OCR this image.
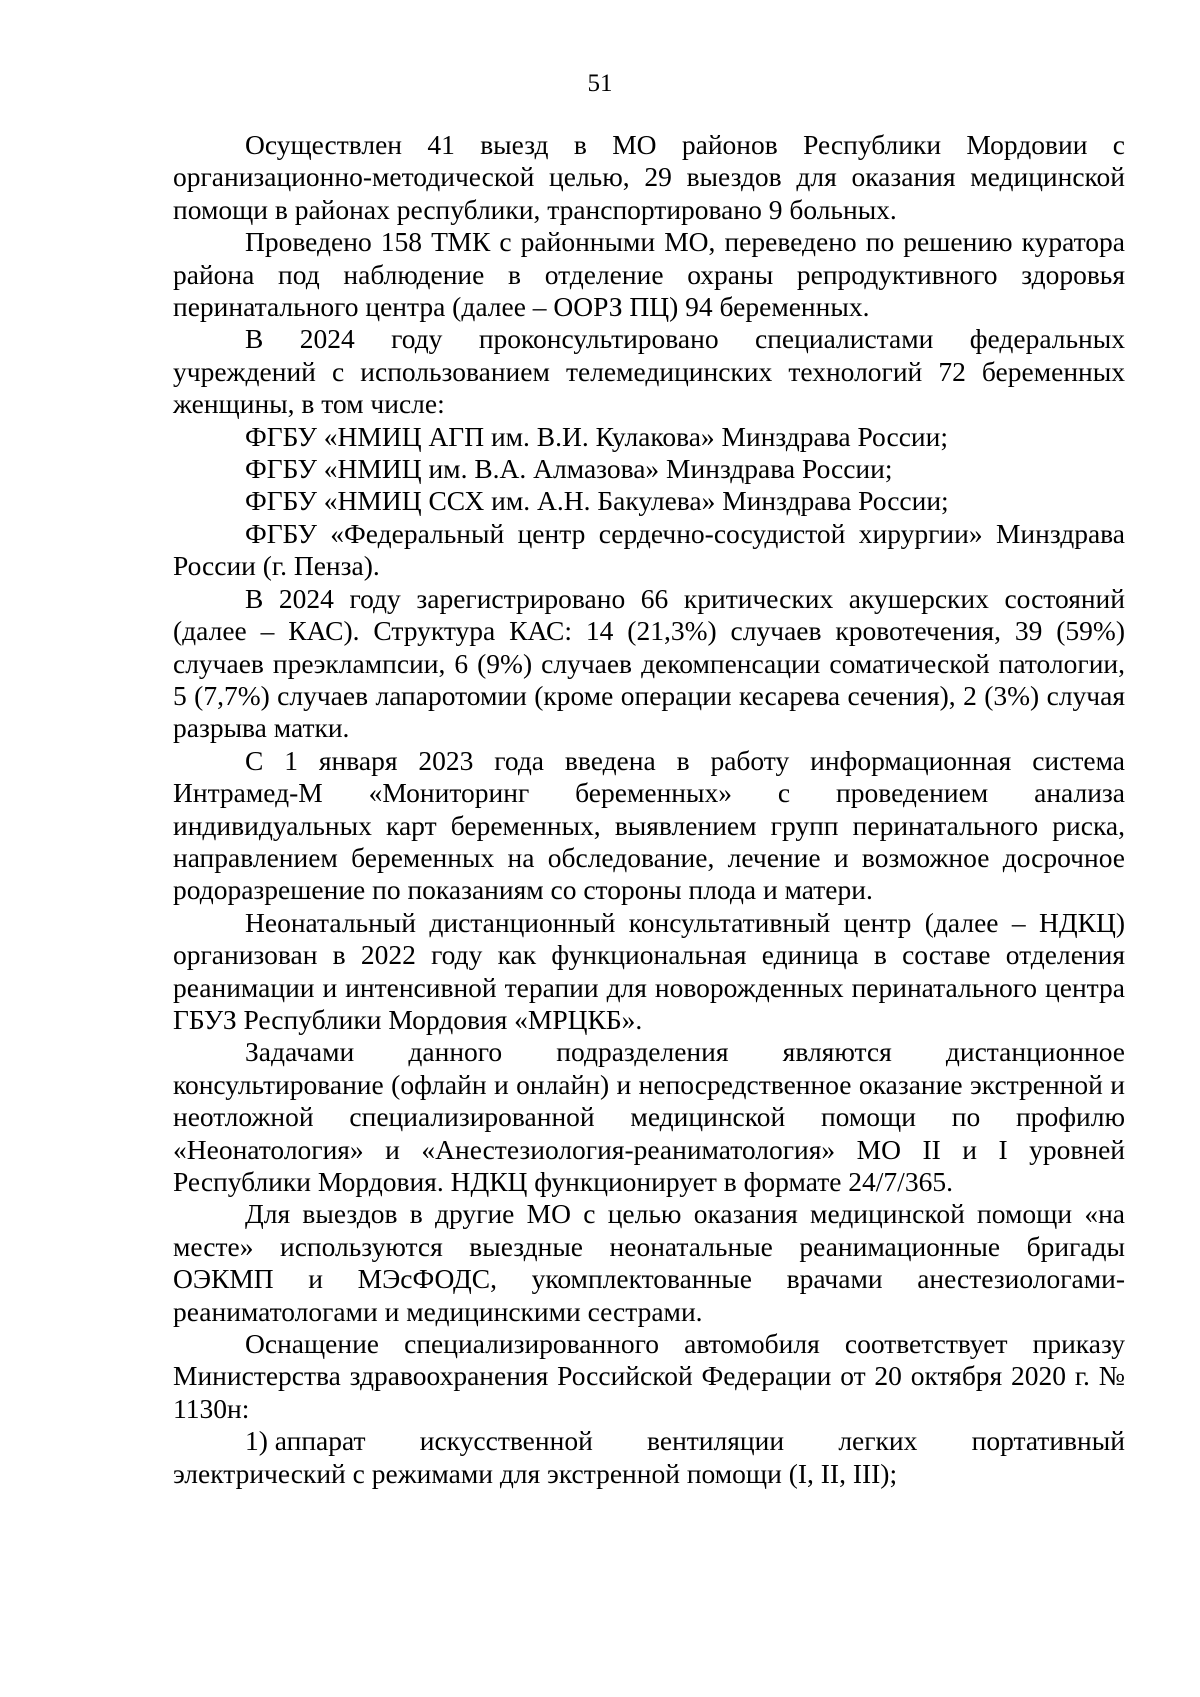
51

Осуществлен 41 выезд в МО районов Республики Мордовии с организационно-методической целью, 29 выездов для оказания медицинской помощи в районах республики, транспортировано 9 больных.

Проведено 158 ТМК с районными МО, переведено по решению куратора района под наблюдение в отделение охраны репродуктивного здоровья перинатального центра (далее – ООРЗ ПЦ) 94 беременных.

В 2024 году проконсультировано специалистами федеральных учреждений с использованием телемедицинских технологий 72 беременных женщины, в том числе:

ФГБУ «НМИЦ АГП им. В.И. Кулакова» Минздрава России;

ФГБУ «НМИЦ им. В.А. Алмазова» Минздрава России;

ФГБУ «НМИЦ ССХ им. А.Н. Бакулева» Минздрава России;

ФГБУ «Федеральный центр сердечно-сосудистой хирургии» Минздрава России (г. Пенза).

В 2024 году зарегистрировано 66 критических акушерских состояний (далее – КАС). Структура КАС: 14 (21,3%) случаев кровотечения, 39 (59%) случаев преэклампсии, 6 (9%) случаев декомпенсации соматической патологии, 5 (7,7%) случаев лапаротомии (кроме операции кесарева сечения), 2 (3%) случая разрыва матки.

С 1 января 2023 года введена в работу информационная система Интрамед-М «Мониторинг беременных» с проведением анализа индивидуальных карт беременных, выявлением групп перинатального риска, направлением беременных на обследование, лечение и возможное досрочное родоразрешение по показаниям со стороны плода и матери.

Неонатальный дистанционный консультативный центр (далее – НДКЦ) организован в 2022 году как функциональная единица в составе отделения реанимации и интенсивной терапии для новорожденных перинатального центра ГБУЗ Республики Мордовия «МРЦКБ».

Задачами данного подразделения являются дистанционное консультирование (офлайн и онлайн) и непосредственное оказание экстренной и неотложной специализированной медицинской помощи по профилю «Неонатология» и «Анестезиология-реаниматология» МО II и I уровней Республики Мордовия. НДКЦ функционирует в формате 24/7/365.

Для выездов в другие МО с целью оказания медицинской помощи «на месте» используются выездные неонатальные реанимационные бригады ОЭКМП и МЭсФОДС, укомплектованные врачами анестезиологами-реаниматологами и медицинскими сестрами.

Оснащение специализированного автомобиля соответствует приказу Министерства здравоохранения Российской Федерации от 20 октября 2020 г. № 1130н:

1) аппарат искусственной вентиляции легких портативный

электрический с режимами для экстренной помощи (I, II, III);
